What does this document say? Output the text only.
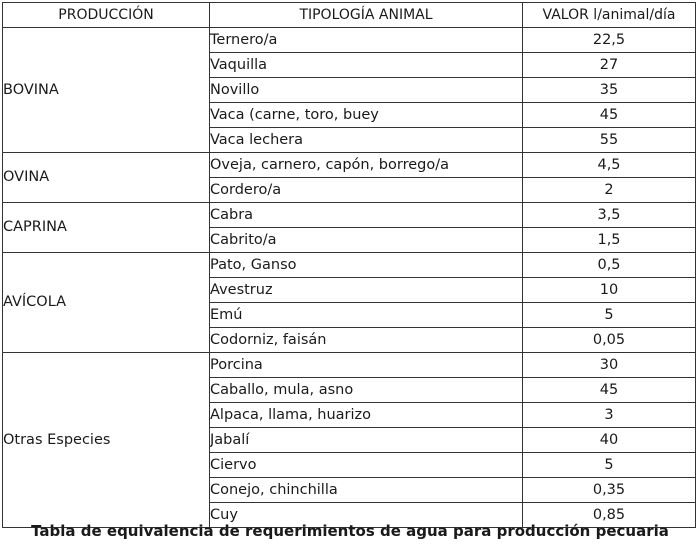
PRODUCCIÓN	TIPOLOGÍA ANIMAL	VALOR l/animal/día
BOVINA	Ternero/a	22,5
	Vaquilla	27
	Novillo	35
	Vaca (carne, toro, buey	45
	Vaca lechera	55
OVINA	Oveja, carnero, capón, borrego/a	4,5
	Cordero/a	2
CAPRINA	Cabra	3,5
	Cabrito/a	1,5
AVÍCOLA	Pato, Ganso	0,5
	Avestruz	10
	Emú	5
	Codorniz, faisán	0,05
Otras Especies	Porcina	30
	Caballo, mula, asno	45
	Alpaca, llama, huarizo	3
	Jabalí	40
	Ciervo	5
	Conejo, chinchilla	0,35
	Cuy	0,85
Tabla de equivalencia de requerimientos de agua para producción pecuaria
